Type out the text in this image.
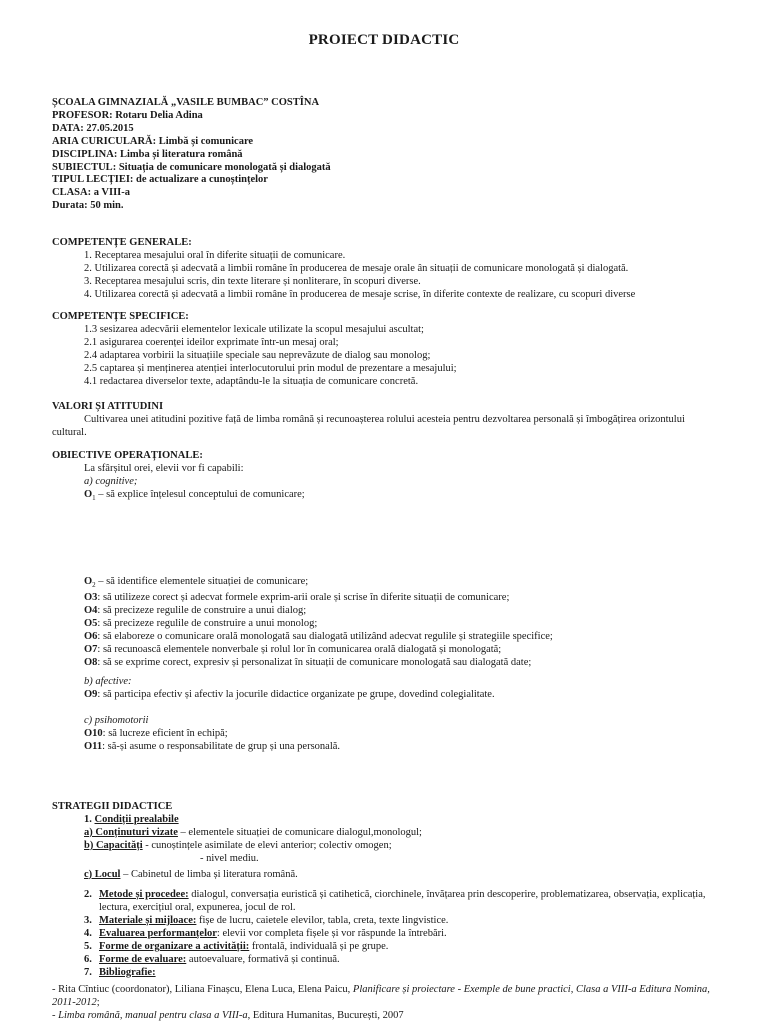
PROIECT DIDACTIC
ȘCOALA GIMNAZIALĂ „VASILE BUMBAC” COSTÎNA
PROFESOR: Rotaru Delia Adina
DATA: 27.05.2015
ARIA CURICULARĂ: Limbă și comunicare
DISCIPLINA: Limba și literatura română
SUBIECTUL: Situația de comunicare monologată și dialogată
TIPUL LECȚIEI: de actualizare a cunoștințelor
CLASA: a VIII-a
Durata: 50 min.
COMPETENȚE GENERALE:
1. Receptarea mesajului oral în diferite situații de comunicare.
2. Utilizarea corectă și adecvată a limbii române în producerea de mesaje orale ân situații de comunicare monologată și dialogată.
3. Receptarea mesajului scris, din texte literare și nonliterare, în scopuri diverse.
4. Utilizarea corectă și adecvată a limbii române în producerea de mesaje scrise, în diferite contexte de realizare, cu scopuri diverse
COMPETENȚE SPECIFICE:
1.3 sesizarea adecvării elementelor lexicale utilizate la scopul mesajului ascultat;
2.1 asigurarea coerenței ideilor exprimate într-un mesaj oral;
2.4 adaptarea vorbirii la situațiile speciale sau neprevăzute de dialog sau monolog;
2.5 captarea și menținerea atenției interlocutorului prin modul de prezentare a mesajului;
4.1 redactarea diverselor texte, adaptându-le la situația de comunicare concretă.
VALORI ȘI ATITUDINI
Cultivarea unei atitudini pozitive față de limba română și recunoașterea rolului acesteia pentru dezvoltarea personală și îmbogățirea orizontului cultural.
OBIECTIVE OPERAȚIONALE:
La sfârșitul orei, elevii vor fi capabili:
a) cognitive;
$O_1$ – să explice înțelesul conceptului de comunicare;
$O_2$ – să identifice elementele situației de comunicare;
O3: să utilizeze corect și adecvat formele exprim-arii orale și scrise în diferite situații de comunicare;
O4: să precizeze regulile de construire a unui dialog;
O5: să precizeze regulile de construire a unui monolog;
O6: să elaboreze o comunicare orală monologată sau dialogată utilizând adecvat regulile și strategiile specifice;
O7: să recunoască elementele nonverbale și rolul lor în comunicarea orală dialogată și monologată;
O8: să se exprime corect, expresiv și personalizat în situații de comunicare monologată sau dialogată date;
b) afective:
O9: să participa efectiv și afectiv la jocurile didactice organizate pe grupe, dovedind colegialitate.
c) psihomotorii
O10: să lucreze eficient în echipă;
O11: să-și asume o responsabilitate de grup și una personală.
STRATEGII DIDACTICE
1. Condiții prealabile
a) Conținuturi vizate – elementele situației de comunicare dialogul,monologul;
b) Capacități - cunoștințele asimilate de elevi anterior; colectiv omogen;
- nivel mediu.
c) Locul – Cabinetul de limba și literatura română.
2. Metode și procedee: dialogul, conversația euristică și catihetică, ciorchinele, învățarea prin descoperire, problematizarea, observația, explicația, lectura, exercițiul oral, expunerea, jocul de rol.
3. Materiale și mijloace: fișe de lucru, caietele elevilor, tabla, creta, texte lingvistice.
4. Evaluarea performanțelor: elevii vor completa fișele și vor răspunde la întrebări.
5. Forme de organizare a activității: frontală, individuală și pe grupe.
6. Forme de evaluare: autoevaluare, formativă și continuă.
7. Bibliografie:
- Rita Cîntiuc (coordonator), Liliana Finașcu, Elena Luca, Elena Paicu, Planificare și proiectare - Exemple de bune practici, Clasa a VIII-a Editura Nomina, 2011-2012;
- Limba română, manual pentru clasa a VIII-a, Editura Humanitas, București, 2007
